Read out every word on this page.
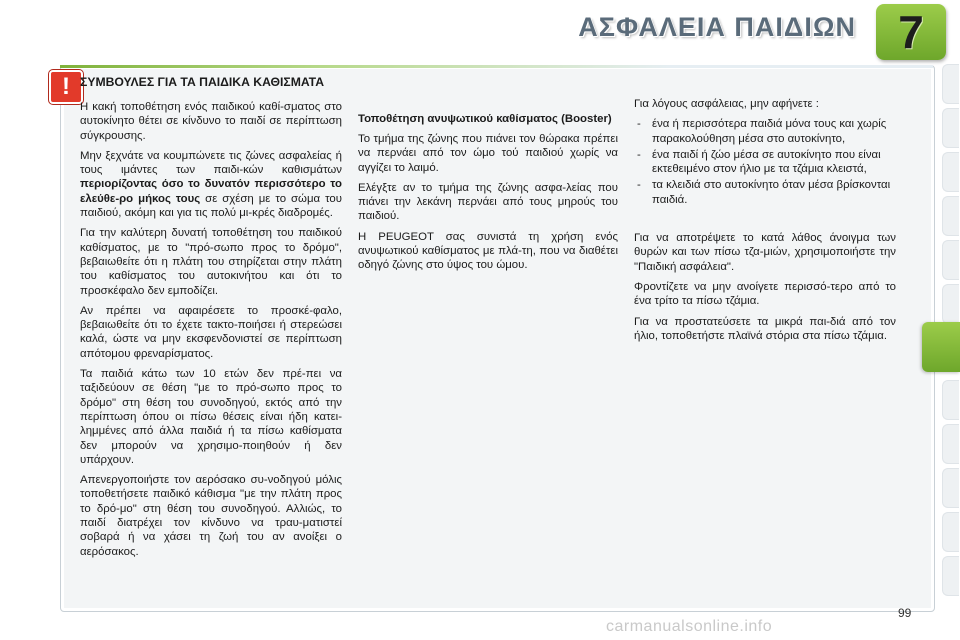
ΑΣΦΑΛΕΙΑ ΠΑΙΔΙΩΝ 7
! ΣΥΜΒΟΥΛΕΣ ΓΙΑ ΤΑ ΠΑΙΔΙΚΑ ΚΑΘΙΣΜΑΤΑ

Η κακή τοποθέτηση ενός παιδικού καθί-σματος στο αυτοκίνητο θέτει σε κίνδυνο το παιδί σε περίπτωση σύγκρουσης.

Μην ξεχνάτε να κουμπώνετε τις ζώνες ασφαλείας ή τους ιμάντες των παιδι-κών καθισμάτων περιορίζοντας όσο το δυνατόν περισσότερο το ελεύθε-ρο μήκος τους σε σχέση με το σώμα του παιδιού, ακόμη και για τις πολύ μι-κρές διαδρομές.

Για την καλύτερη δυνατή τοποθέτηση του παιδικού καθίσματος, με το "πρό-σωπο προς το δρόμο", βεβαιωθείτε ότι η πλάτη του στηρίζεται στην πλάτη του καθίσματος του αυτοκινήτου και ότι το προσκέφαλο δεν εμποδίζει.

Αν πρέπει να αφαιρέσετε το προσκέ-φαλο, βεβαιωθείτε ότι το έχετε τακτο-ποιήσει ή στερεώσει καλά, ώστε να μην εκσφενδονιστεί σε περίπτωση απότομου φρεναρίσματος.

Τα παιδιά κάτω των 10 ετών δεν πρέ-πει να ταξιδεύουν σε θέση "με το πρό-σωπο προς το δρόμο" στη θέση του συνοδηγού, εκτός από την περίπτωση όπου οι πίσω θέσεις είναι ήδη κατει-λημμένες από άλλα παιδιά ή τα πίσω καθίσματα δεν μπορούν να χρησιμο-ποιηθούν ή δεν υπάρχουν.

Απενεργοποιήστε τον αερόσακο συ-νοδηγού μόλις τοποθετήσετε παιδικό κάθισμα "με την πλάτη προς το δρό-μο" στη θέση του συνοδηγού. Αλλιώς, το παιδί διατρέχει τον κίνδυνο να τραυ-ματιστεί σοβαρά ή να χάσει τη ζωή του αν ανοίξει ο αερόσακος.

Τοποθέτηση ανυψωτικού καθίσματος (Booster)

Το τμήμα της ζώνης που πιάνει τον θώρακα πρέπει να περνάει από τον ώμο τού παιδιού χωρίς να αγγίζει το λαιμό.

Ελέγξτε αν το τμήμα της ζώνης ασφα-λείας που πιάνει την λεκάνη περνάει από τους μηρούς του παιδιού.

Η PEUGEOT σας συνιστά τη χρήση ενός ανυψωτικού καθίσματος με πλά-τη, που να διαθέτει οδηγό ζώνης στο ύψος του ώμου.

Για λόγους ασφάλειας, μην αφήνετε :

- ένα ή περισσότερα παιδιά μόνα τους και χωρίς παρακολούθηση μέσα στο αυτοκίνητο,
- ένα παιδί ή ζώο μέσα σε αυτοκίνητο που είναι εκτεθειμένο στον ήλιο με τα τζάμια κλειστά,
- τα κλειδιά στο αυτοκίνητο όταν μέσα βρίσκονται παιδιά.

Για να αποτρέψετε το κατά λάθος άνοιγμα των θυρών και των πίσω τζα-μιών, χρησιμοποιήστε την "Παιδική ασφάλεια".

Φροντίζετε να μην ανοίγετε περισσό-τερο από το ένα τρίτο τα πίσω τζάμια.

Για να προστατεύσετε τα μικρά παι-διά από τον ήλιο, τοποθετήστε πλαϊνά στόρια στα πίσω τζάμια.

99
carmanualsonline.info
